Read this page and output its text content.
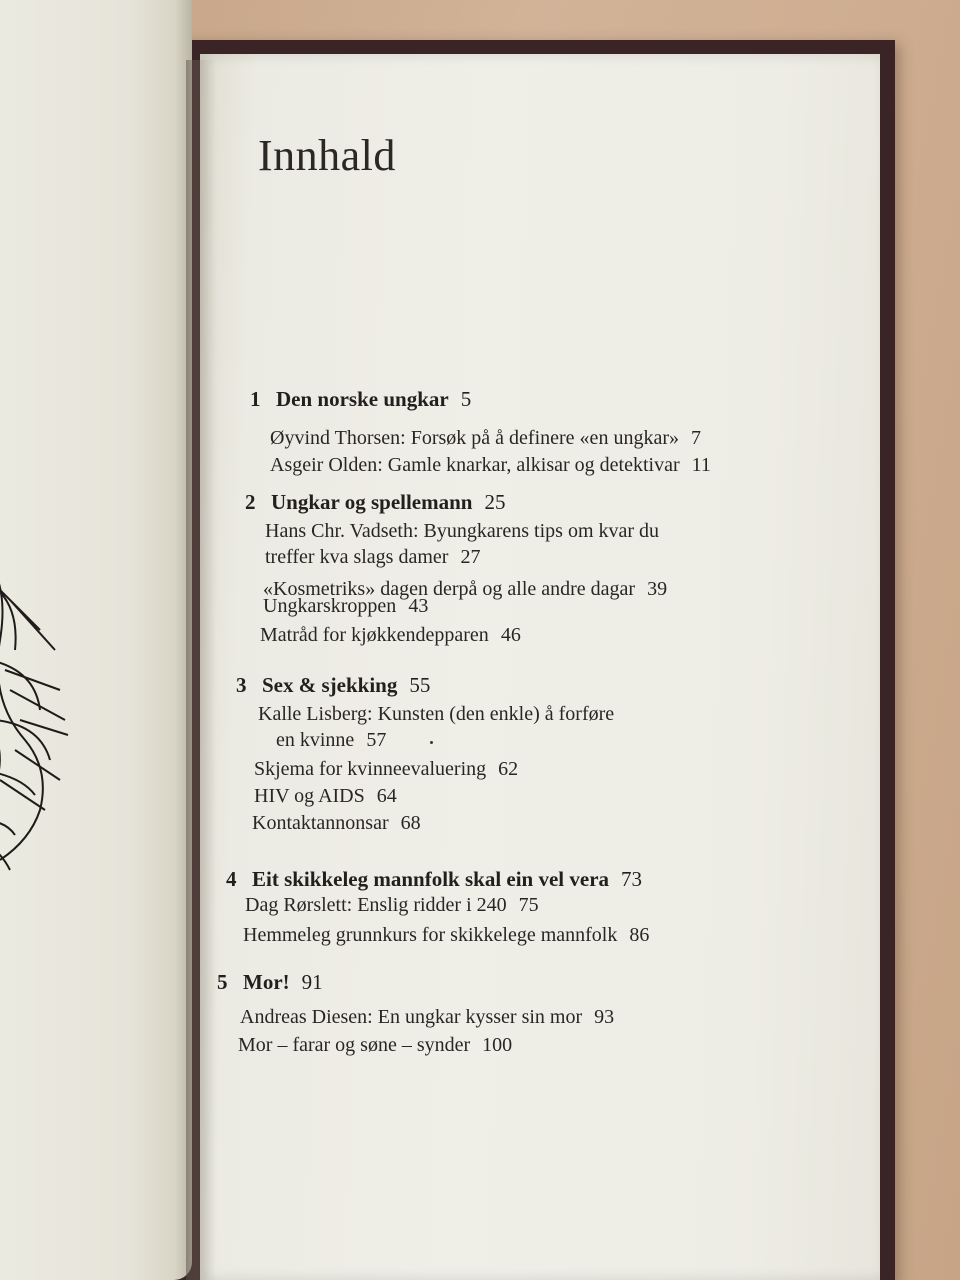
Innhald
1 Den norske ungkar 5
Øyvind Thorsen: Forsøk på å definere «en ungkar» 7
Asgeir Olden: Gamle knarkar, alkisar og detektivar 11
2 Ungkar og spellemann 25
Hans Chr. Vadseth: Byungkarens tips om kvar du
treffer kva slags damer 27
«Kosmetriks» dagen derpå og alle andre dagar 39
Ungkarskroppen 43
Matråd for kjøkkendepparen 46
3 Sex & sjekking 55
Kalle Lisberg: Kunsten (den enkle) å forføre
en kvinne 57
Skjema for kvinneevaluering 62
HIV og AIDS 64
Kontaktannonsar 68
4 Eit skikkeleg mannfolk skal ein vel vera 73
Dag Rørslett: Enslig ridder i 240 75
Hemmeleg grunnkurs for skikkelege mannfolk 86
5 Mor! 91
Andreas Diesen: En ungkar kysser sin mor 93
Mor – farar og søne – synder 100
